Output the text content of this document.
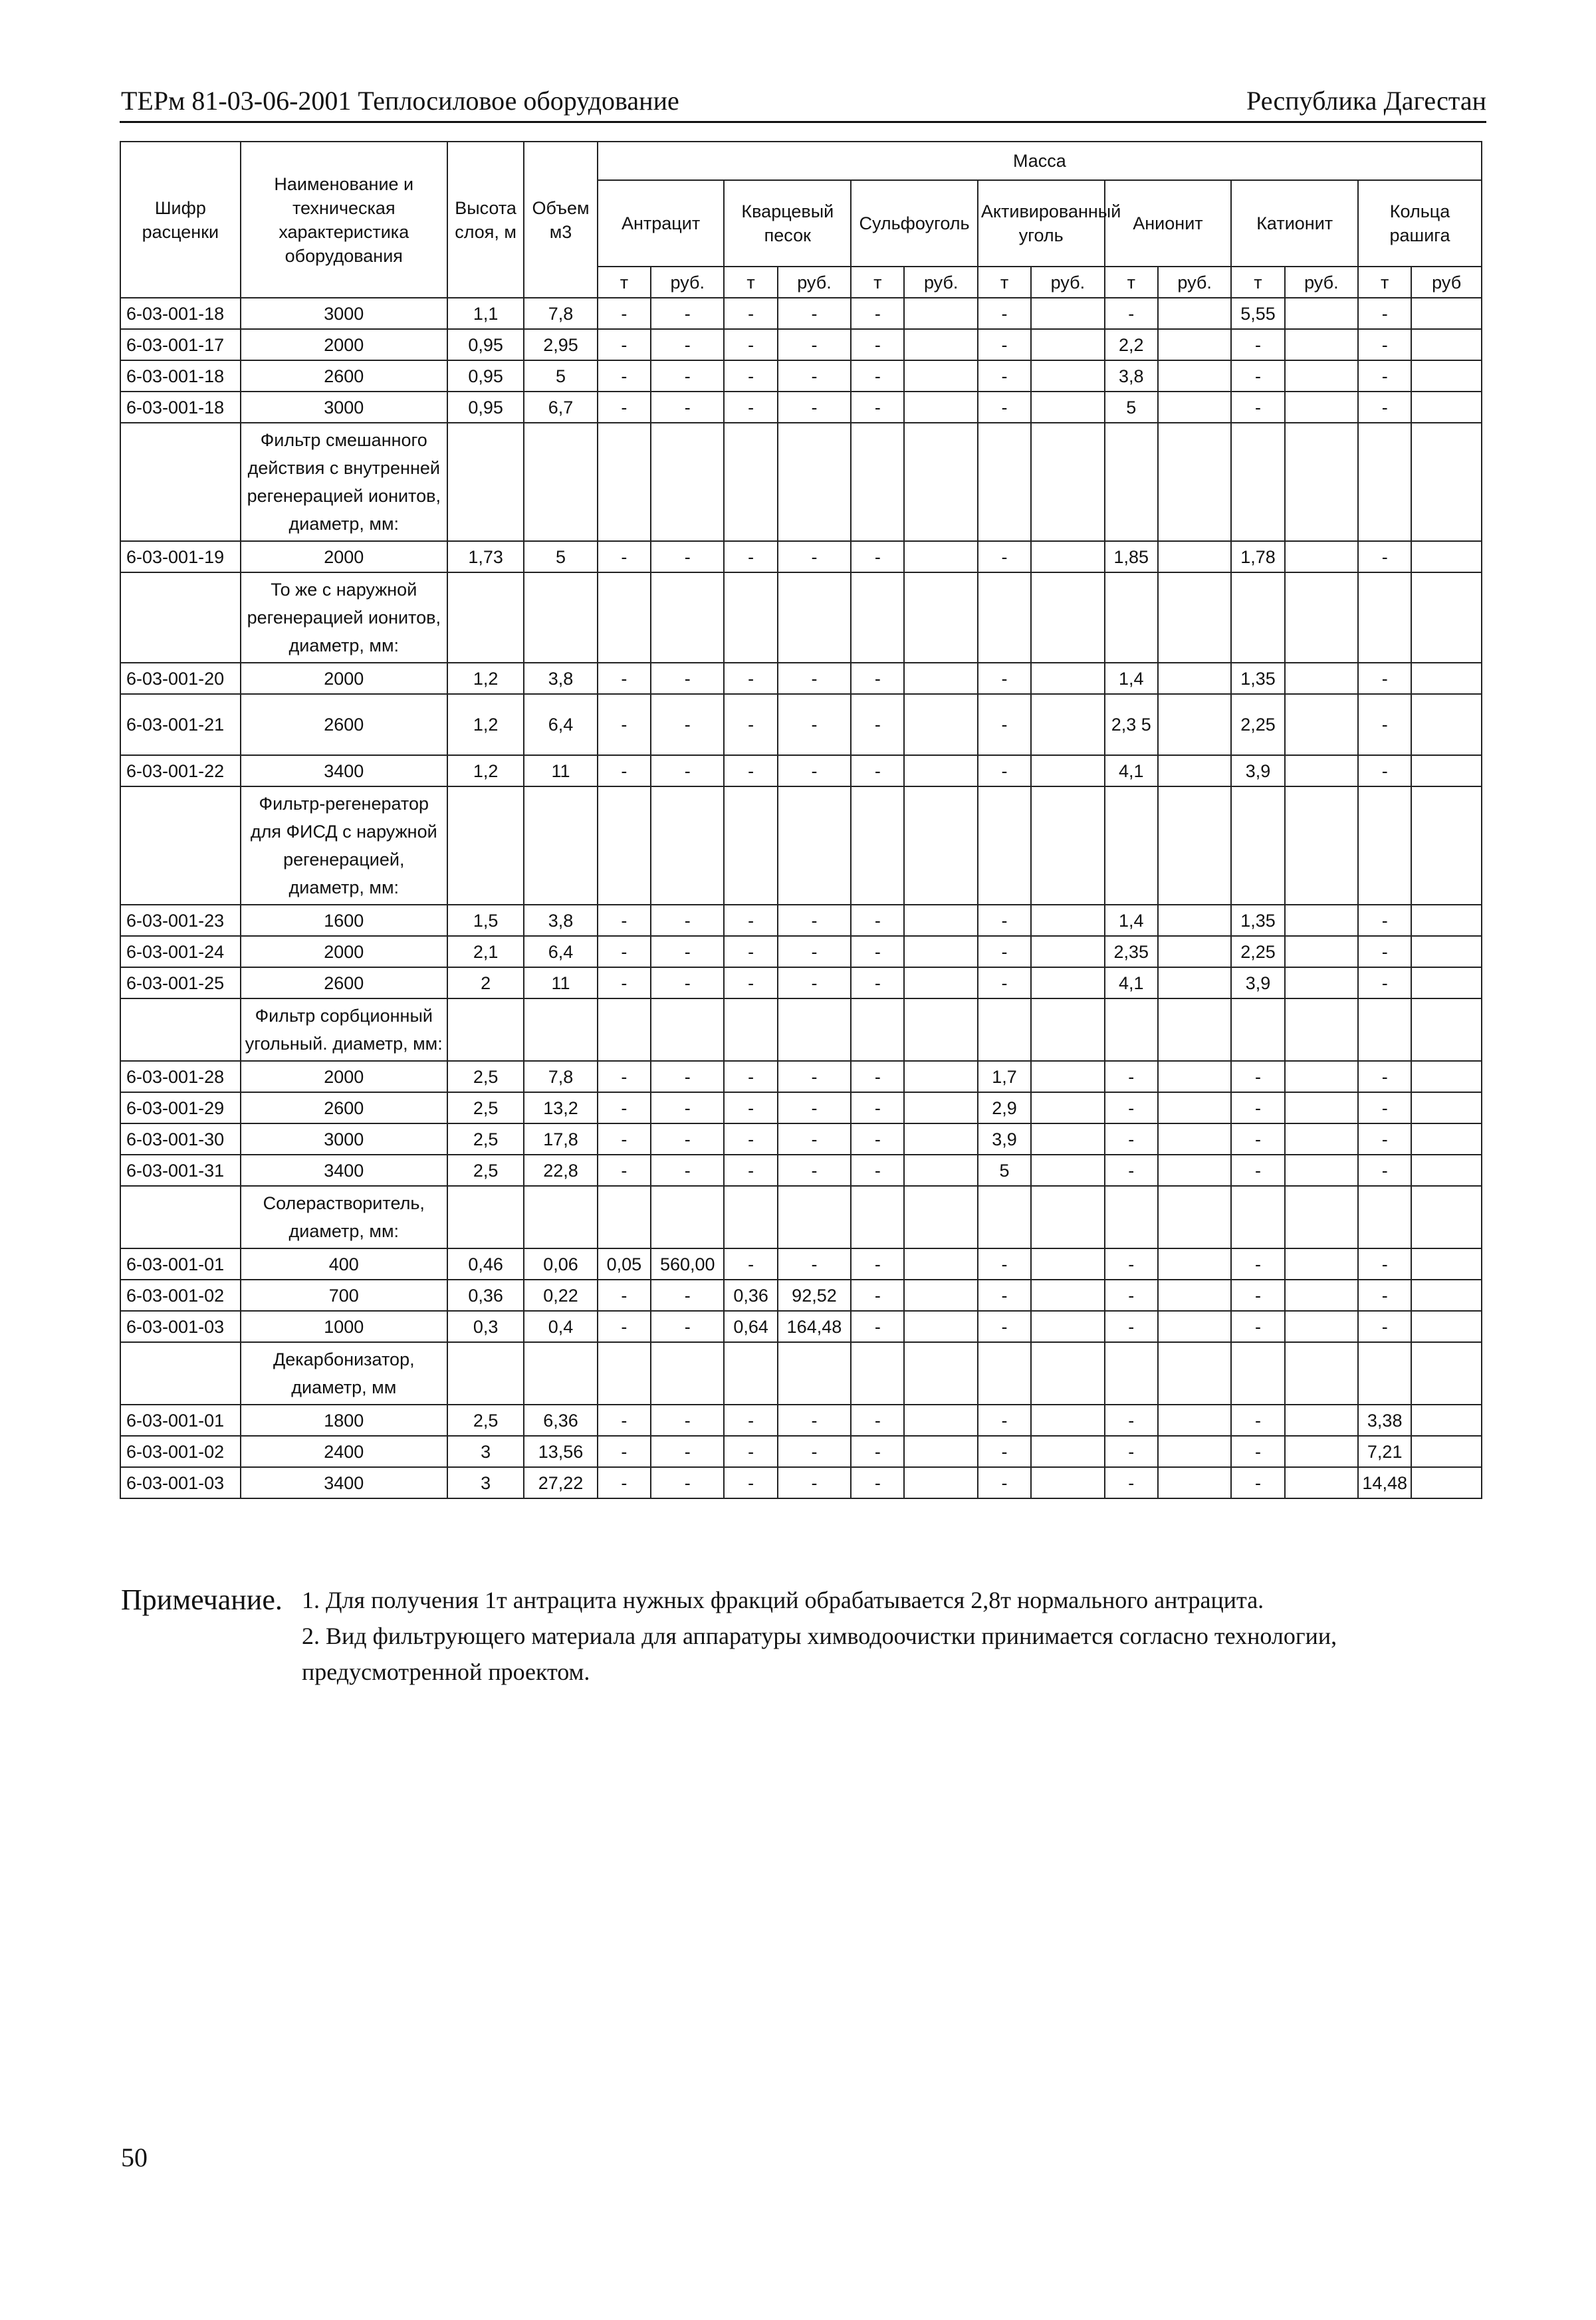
ТЕРм 81-03-06-2001 Теплосиловое оборудование	Республика Дагестан
Шифр расценки	Наименование и техническая характеристика оборудования	Высота слоя, м	Объем м3	Масса													
				Антрацит		Кварцевый песок		Сульфоуголь		Активированный уголь		Анионит		Катионит		Кольца рашига	
				т	руб.	т	руб.	т	руб.	т	руб.	т	руб.	т	руб.	т	руб
6-03-001-18	3000	1,1	7,8	-	-	-	-	-		-		-		5,55		-	
6-03-001-17	2000	0,95	2,95	-	-	-	-	-		-		2,2		-		-	
6-03-001-18	2600	0,95	5	-	-	-	-	-		-		3,8		-		-	
6-03-001-18	3000	0,95	6,7	-	-	-	-	-		-		5		-		-	
	Фильтр смешанного действия с внутренней регенерацией ионитов, диаметр, мм:																
6-03-001-19	2000	1,73	5	-	-	-	-	-		-		1,85		1,78		-	
	То же с наружной регенерацией ионитов, диаметр, мм:																
6-03-001-20	2000	1,2	3,8	-	-	-	-	-		-		1,4		1,35		-	
6-03-001-21	2600	1,2	6,4	-	-	-	-	-		-		2,3 5		2,25		-	
6-03-001-22	3400	1,2	11	-	-	-	-	-		-		4,1		3,9		-	
	Фильтр-регенератор для ФИСД с наружной регенерацией, диаметр, мм:																
6-03-001-23	1600	1,5	3,8	-	-	-	-	-		-		1,4		1,35		-	
6-03-001-24	2000	2,1	6,4	-	-	-	-	-		-		2,35		2,25		-	
6-03-001-25	2600	2	11	-	-	-	-	-		-		4,1		3,9		-	
	Фильтр сорбционный угольный. диаметр, мм:																
6-03-001-28	2000	2,5	7,8	-	-	-	-	-		1,7		-		-		-	
6-03-001-29	2600	2,5	13,2	-	-	-	-	-		2,9		-		-		-	
6-03-001-30	3000	2,5	17,8	-	-	-	-	-		3,9		-		-		-	
6-03-001-31	3400	2,5	22,8	-	-	-	-	-		5		-		-		-	
	Солерастворитель, диаметр, мм:																
6-03-001-01	400	0,46	0,06	0,05	560,00	-	-	-		-		-		-		-	
6-03-001-02	700	0,36	0,22	-	-	0,36	92,52	-		-		-		-		-	
6-03-001-03	1000	0,3	0,4	-	-	0,64	164,48	-		-		-		-		-	
	Декарбонизатор, диаметр, мм																
6-03-001-01	1800	2,5	6,36	-	-	-	-	-		-		-		-		3,38	
6-03-001-02	2400	3	13,56	-	-	-	-	-		-		-		-		7,21	
6-03-001-03	3400	3	27,22	-	-	-	-	-		-		-		-		14,48	
Примечание. 1. Для получения 1т антрацита нужных фракций обрабатывается 2,8т нормального антрацита.
2. Вид фильтрующего материала для аппаратуры химводоочистки принимается согласно технологии, предусмотренной проектом.
50
